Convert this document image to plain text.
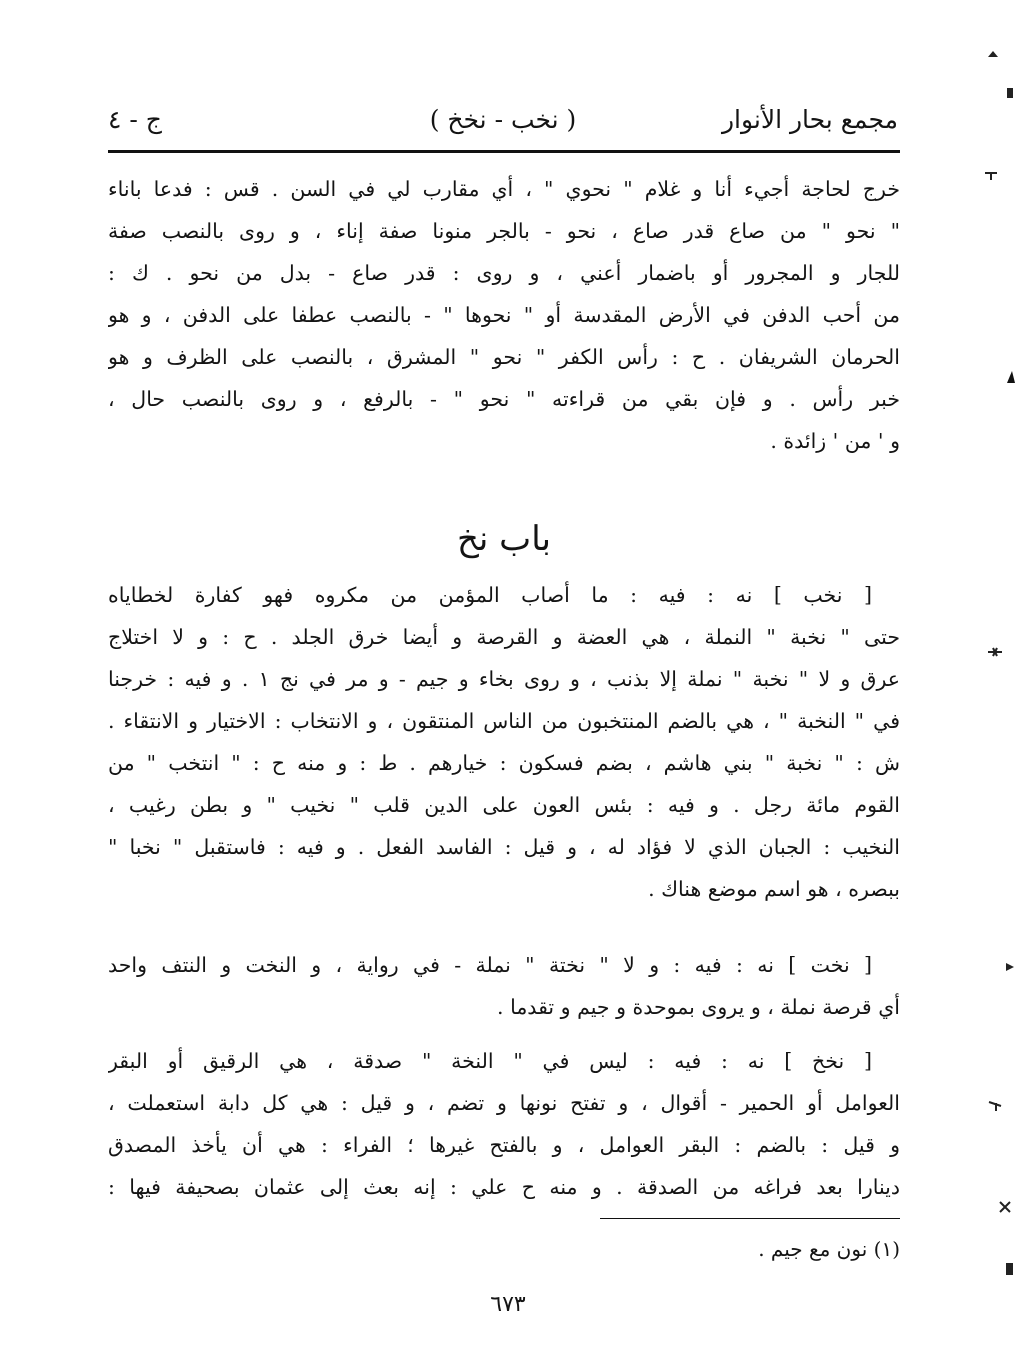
مجمع بحار الأنوار
( نخب - نخخ )
ج - ٤
خرج لحاجة أجيء أنا و غلام " نحوي " ، أي مقارب لي في السن . قس : فدعا باناء
" نحو " من صاع قدر صاع ، نحو - بالجر منونا صفة إناء ، و روى بالنصب صفة
للجار و المجرور أو باضمار أعني ، و روى : قدر صاع - بدل من نحو . ك :
من أحب الدفن في الأرض المقدسة أو " نحوها " - بالنصب عطفا على الدفن ، و هو
الحرمان الشريفان . ح : رأس الكفر " نحو " المشرق ، بالنصب على الظرف و هو
خبر رأس . و فإن بقي من قراءته " نحو " - بالرفع ، و روى بالنصب حال ،
و ' من ' زائدة .
باب نخ
[ نخب ] نه : فيه : ما أصاب المؤمن من مكروه فهو كفارة لخطاياه
حتى " نخبة " النملة ، هي العضة و القرصة و أيضا خرق الجلد . ح : و لا اختلاج
عرق و لا " نخبة " نملة إلا بذنب ، و روى بخاء و جيم - و مر في نج ١ . و فيه : خرجنا
في " النخبة " ، هي بالضم المنتخبون من الناس المنتقون ، و الانتخاب : الاختيار و الانتقاء .
ش : " نخبة " بني هاشم ، بضم فسكون : خيارهم . ط : و منه ح : " انتخب " من
القوم مائة رجل . و فيه : بئس العون على الدين قلب " نخيب " و بطن رغيب ،
النخيب : الجبان الذي لا فؤاد له ، و قيل : الفاسد الفعل . و فيه : فاستقبل " نخبا "
ببصره ، هو اسم موضع هناك .
[ نخت ] نه : فيه : و لا " نختة " نملة - في رواية ، و النخت و النتف واحد
أي قرصة نملة ، و يروى بموحدة و جيم و تقدما .
[ نخخ ] نه : فيه : ليس في " النخة " صدقة ، هي الرقيق أو البقر
العوامل أو الحمير - أقوال ، و تفتح نونها و تضم ، و قيل : هي كل دابة استعملت ،
و قيل : بالضم : البقر العوامل ، و بالفتح غيرها ؛ الفراء : هي أن يأخذ المصدق
دينارا بعد فراغه من الصدقة . و منه ح علي : إنه بعث إلى عثمان بصحيفة فيها :
(١) نون مع جيم .
٦٧٣
